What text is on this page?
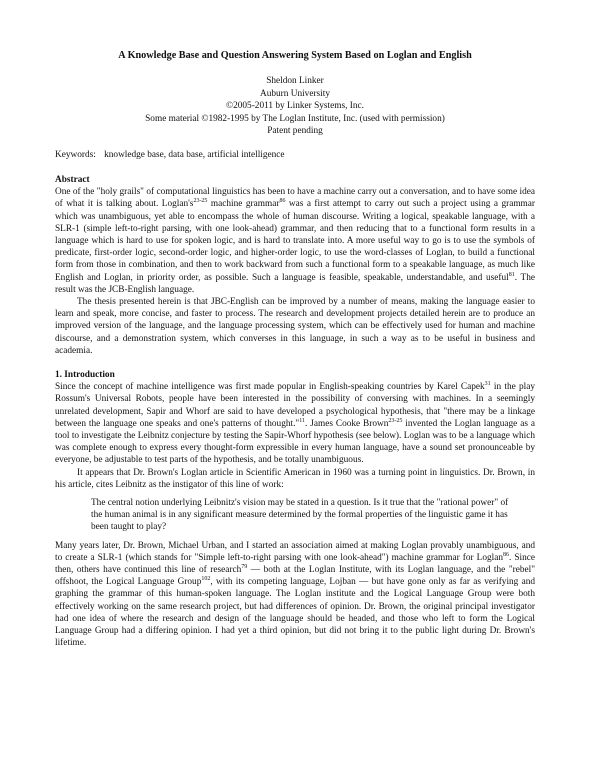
A Knowledge Base and Question Answering System Based on Loglan and English
Sheldon Linker
Auburn University
©2005-2011 by Linker Systems, Inc.
Some material ©1982-1995 by The Loglan Institute, Inc. (used with permission)
Patent pending
Keywords: knowledge base, data base, artificial intelligence
Abstract

One of the "holy grails" of computational linguistics has been to have a machine carry out a conversation, and to have some idea of what it is talking about. $Loglan's^{23-25}$ machine grammar$^{86}$ was a first attempt to carry out such a project using a grammar which was unambiguous, yet able to encompass the whole of human discourse. Writing a logical, speakable language, with a SLR-1 (simple left-to-right parsing, with one look-ahead) grammar, and then reducing that to a functional form results in a language which is hard to use for spoken logic, and is hard to translate into. A more useful way to go is to use the symbols of predicate, first-order logic, second-order logic, and higher-order logic, to use the word-classes of Loglan, to build a functional form from those in combination, and then to work backward from such a functional form to a speakable language, as much like English and Loglan, in priority order, as possible. Such a language is feasible, speakable, understandable, and useful$^{81}$. The result was the JCB-English language.

The thesis presented herein is that JBC-English can be improved by a number of means, making the language easier to learn and speak, more concise, and faster to process. The research and development projects detailed herein are to produce an improved version of the language, and the language processing system, which can be effectively used for human and machine discourse, and a demonstration system, which converses in this language, in such a way as to be useful in business and academia.

1. Introduction

Since the concept of machine intelligence was first made popular in English-speaking countries by Karel Capek$^{31}$ in the play Rossum's Universal Robots, people have been interested in the possibility of conversing with machines. In a seemingly unrelated development, Sapir and Whorf are said to have developed a psychological hypothesis, that "there may be a linkage between the language one speaks and one's patterns of thought."$^{11}$. James Cooke Brown$^{23-25}$ invented the Loglan language as a tool to investigate the Leibnitz conjecture by testing the Sapir-Whorf hypothesis (see below). Loglan was to be a language which was complete enough to express every thought-form expressible in every human language, have a sound set pronounceable by everyone, be adjustable to test parts of the hypothesis, and be totally unambiguous.

It appears that Dr. Brown's Loglan article in Scientific American in 1960 was a turning point in linguistics. Dr. Brown, in his article, cites Leibnitz as the instigator of this line of work:

The central notion underlying Leibnitz's vision may be stated in a question. Is it true that the "rational power" of the human animal is in any significant measure determined by the formal properties of the linguistic game it has been taught to play?

Many years later, Dr. Brown, Michael Urban, and I started an association aimed at making Loglan provably unambiguous, and to create a SLR-1 (which stands for "Simple left-to-right parsing with one look-ahead") machine grammar for Loglan$^{86}$. Since then, others have continued this line of research$^{79}$ — both at the Loglan Institute, with its Loglan language, and the "rebel" offshoot, the Logical Language Group$^{102}$, with its competing language, Lojban — but have gone only as far as verifying and graphing the grammar of this human-spoken language. The Loglan institute and the Logical Language Group were both effectively working on the same research project, but had differences of opinion. Dr. Brown, the original principal investigator had one idea of where the research and design of the language should be headed, and those who left to form the Logical Language Group had a differing opinion. I had yet a third opinion, but did not bring it to the public light during Dr. Brown's lifetime.
